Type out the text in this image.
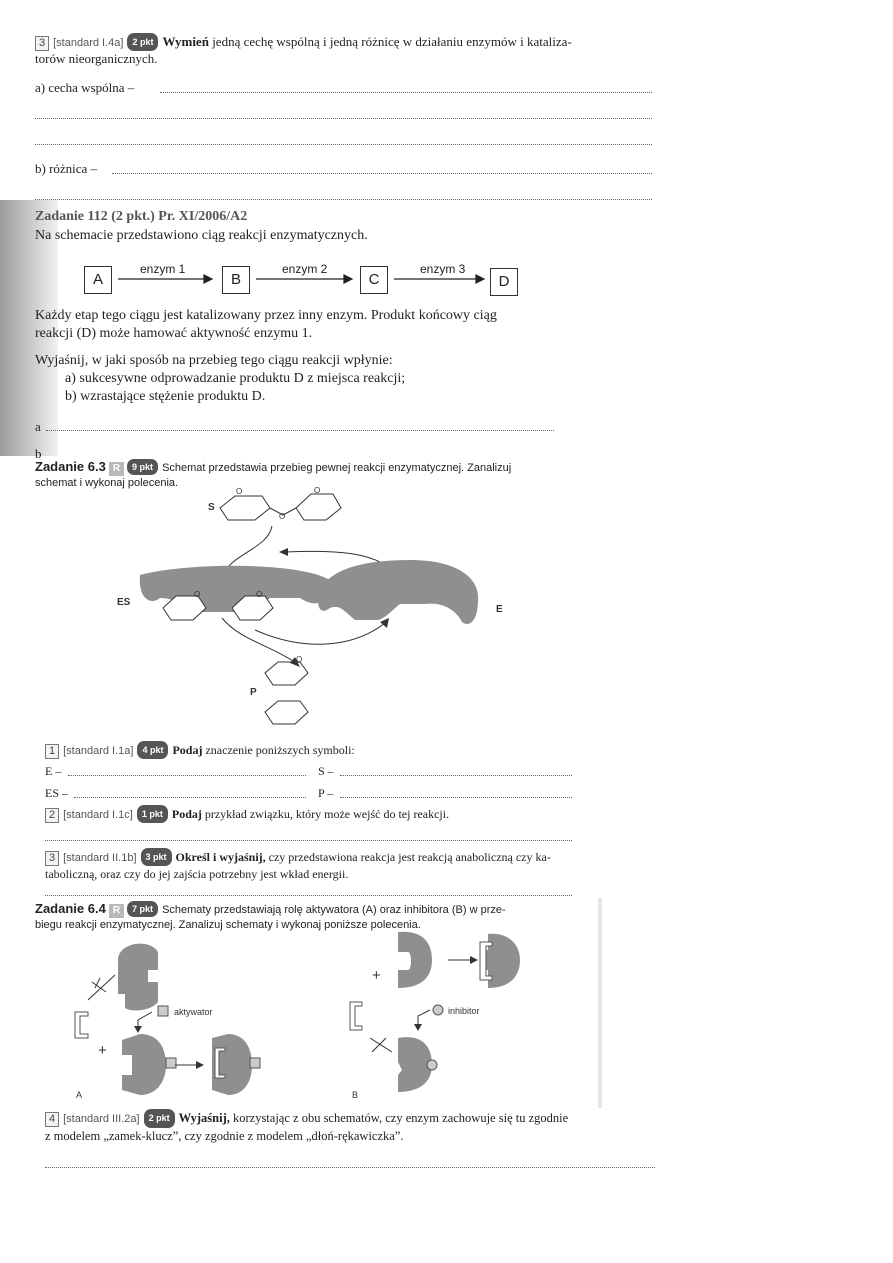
3 [standard I.4a] 2 pkt Wymień jedną cechę wspólną i jedną różnicę w działaniu enzymów i kataliza-
torów nieorganicznych.
a) cecha wspólna –
b) różnica –
Zadanie 112 (2 pkt.) Pr. XI/2006/A2
Na schemacie przedstawiono ciąg reakcji enzymatycznych.
A
enzym 1
B
enzym 2
C
enzym 3
D
Każdy etap tego ciągu jest katalizowany przez inny enzym. Produkt końcowy ciąg
reakcji (D) może hamować aktywność enzymu 1.
Wyjaśnij, w jaki sposób na przebieg tego ciągu reakcji wpłynie:
a) sukcesywne odprowadzanie produktu D z miejsca reakcji;
b) wzrastające stężenie produktu D.
a
b
Zadanie 6.3 R 9 pkt Schemat przedstawia przebieg pewnej reakcji enzymatycznej. Zanalizuj
schemat i wykonaj polecenia.
S
O
O
O
ES
O	O
E
P
O
1 [standard I.1a] 4 pkt Podaj znaczenie poniższych symboli:
E –	S –
ES –	P –
2 [standard I.1c] 1 pkt Podaj przykład związku, który może wejść do tej reakcji.
3 [standard II.1b] 3 pkt Określ i wyjaśnij, czy przedstawiona reakcja jest reakcją anaboliczną czy ka-
taboliczną, oraz czy do jej zajścia potrzebny jest wkład energii.
Zadanie 6.4 R 7 pkt Schematy przedstawiają rolę aktywatora (A) oraz inhibitora (B) w prze-
biegu reakcji enzymatycznej. Zanalizuj schematy i wykonaj poniższe polecenia.
aktywator
+
A
+
inhibitor
B
4 [standard III.2a] 2 pkt Wyjaśnij, korzystając z obu schematów, czy enzym zachowuje się tu zgodnie
z modelem „zamek-klucz”, czy zgodnie z modelem „dłoń-rękawiczka”.
